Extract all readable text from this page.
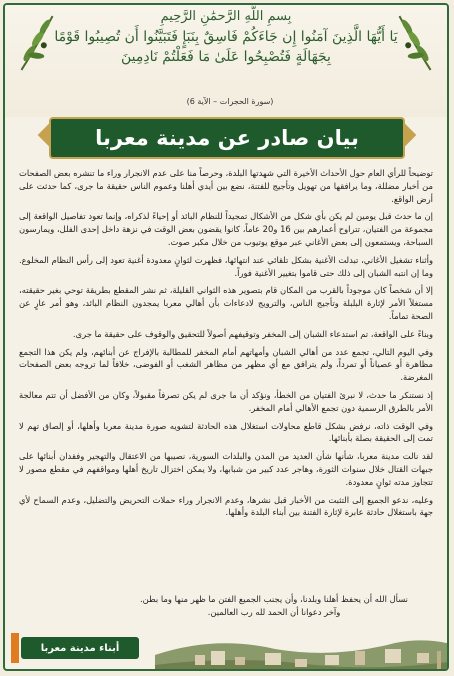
بِسمِ اللَّهِ الرَّحمَٰنِ الرَّحِيمِ
يَا أَيُّهَا الَّذِينَ آمَنُوا إِن جَاءَكُمْ فَاسِقٌ بِنَبَإٍ فَتَبَيَّنُوا أَن تُصِيبُوا قَوْمًا بِجَهَالَةٍ فَتُصْبِحُوا عَلَىٰ مَا فَعَلْتُمْ نَادِمِينَ
(سورة الحجرات – الآية 6)
بيان صادر عن مدينة معربا

توضيحاً للرأي العام حول الأحداث الأخيرة التي شهدتها البلدة، وحرصاً منا على عدم الانجرار وراء ما تنشره بعض الصفحات من أخبار مضللة، وما يرافقها من تهويل وتأجيج للفتنة، نضع بين أيدي أهلنا وعموم الناس حقيقة ما جرى، كما حدثت على أرض الواقع.

إن ما حدث قبل يومين لم يكن بأي شكل من الأشكال تمجيداً للنظام البائد أو إحياءً لذكراه، وإنما تعود تفاصيل الواقعة إلى مجموعة من الفتيان، تتراوح أعمارهم بين 16 و20 عاماً، كانوا يقضون بعض الوقت في نزهة داخل إحدى الفلل، ويمارسون السباحة، ويستمعون إلى بعض الأغاني عبر موقع يوتيوب من خلال مكبر صوت.

وأثناء تشغيل الأغاني، تبدلت الأغنية بشكل تلقائي عند انتهائها، فظهرت لثوانٍ معدودة أغنية تعود إلى رأس النظام المخلوع. وما إن انتبه الشبان إلى ذلك حتى قاموا بتغيير الأغنية فوراً.

إلا أن شخصاً كان موجوداً بالقرب من المكان قام بتصوير هذه الثواني القليلة، ثم نشر المقطع بطريقة توحي بغير حقيقته، مستغلاً الأمر لإثارة البلبلة وتأجيج الناس، والترويج لادعاءات بأن أهالي معربا يمجدون النظام البائد، وهو أمر عارٍ عن الصحة تماماً.

وبناءً على الواقعة، تم استدعاء الشبان إلى المخفر وتوقيفهم أصولاً للتحقيق والوقوف على حقيقة ما جرى.

وفي اليوم التالي، تجمع عدد من أهالي الشبان وأمهاتهم أمام المخفر للمطالبة بالإفراج عن أبنائهم، ولم يكن هذا التجمع مظاهرة أو عصياناً أو تمرداً، ولم يترافق مع أي مظهر من مظاهر الشغب أو الفوضى، خلافاً لما تروجه بعض الصفحات المغرضة.

إذ نستنكر ما حدث، لا نبرئ الفتيان من الخطأ، ونؤكد أن ما جرى لم يكن تصرفاً مقبولاً، وكان من الأفضل أن تتم معالجة الأمر بالطرق الرسمية دون تجمع الأهالي أمام المخفر.

وفي الوقت ذاته، نرفض بشكل قاطع محاولات استغلال هذه الحادثة لتشويه صورة مدينة معربا وأهلها، أو إلصاق تهم لا تمت إلى الحقيقة بصلة بأبنائها.

لقد نالت مدينة معربا، شأنها شأن العديد من المدن والبلدات السورية، نصيبها من الاعتقال والتهجير وفقدان أبنائها على جبهات القتال خلال سنوات الثورة، وهاجر عدد كبير من شبابها، ولا يمكن اختزال تاريخ أهلها ومواقفهم في مقطع مصور لا تتجاوز مدته ثوانٍ معدودة.

وعليه، ندعو الجميع إلى التثبت من الأخبار قبل نشرها، وعدم الانجرار وراء حملات التحريض والتضليل، وعدم السماح لأي جهة باستغلال حادثة عابرة لإثارة الفتنة بين أبناء البلدة وأهلها.

نسأل الله أن يحفظ أهلنا وبلدنا، وأن يجنب الجميع الفتن ما ظهر منها وما بطن.

وآخر دعوانا أن الحمد لله رب العالمين.

أبناء مدينة معربا
